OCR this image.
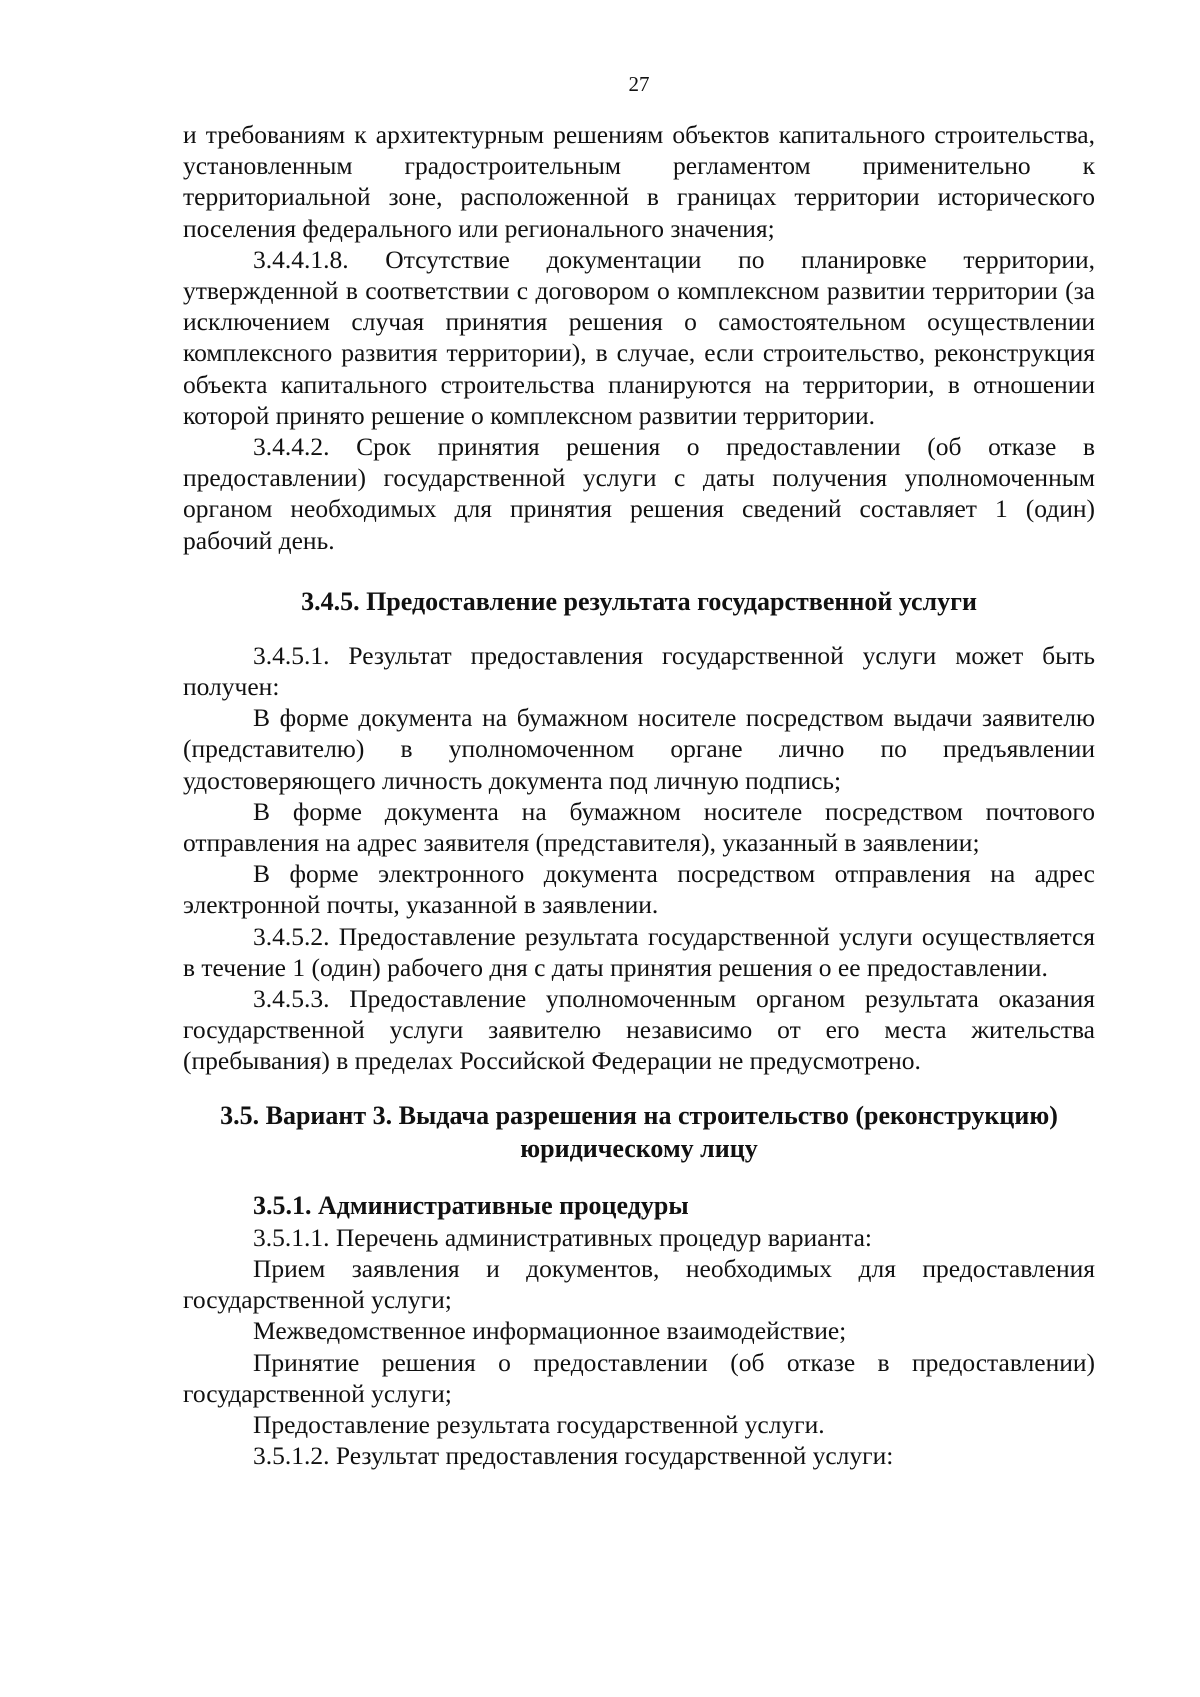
27

и требованиям к архитектурным решениям объектов капитального строительства, установленным градостроительным регламентом применительно к территориальной зоне, расположенной в границах территории исторического поселения федерального или регионального значения;

3.4.4.1.8. Отсутствие документации по планировке территории, утвержденной в соответствии с договором о комплексном развитии территории (за исключением случая принятия решения о самостоятельном осуществлении комплексного развития территории), в случае, если строительство, реконструкция объекта капитального строительства планируются на территории, в отношении которой принято решение о комплексном развитии территории.

3.4.4.2. Срок принятия решения о предоставлении (об отказе в предоставлении) государственной услуги с даты получения уполномоченным органом необходимых для принятия решения сведений составляет 1 (один) рабочий день.

3.4.5. Предоставление результата государственной услуги

3.4.5.1. Результат предоставления государственной услуги может быть получен:

В форме документа на бумажном носителе посредством выдачи заявителю (представителю) в уполномоченном органе лично по предъявлении удостоверяющего личность документа под личную подпись;

В форме документа на бумажном носителе посредством почтового отправления на адрес заявителя (представителя), указанный в заявлении;

В форме электронного документа посредством отправления на адрес электронной почты, указанной в заявлении.

3.4.5.2. Предоставление результата государственной услуги осуществляется в течение 1 (один) рабочего дня с даты принятия решения о ее предоставлении.

3.4.5.3. Предоставление уполномоченным органом результата оказания государственной услуги заявителю независимо от его места жительства (пребывания) в пределах Российской Федерации не предусмотрено.

3.5. Вариант 3. Выдача разрешения на строительство (реконструкцию)
юридическому лицу

3.5.1. Административные процедуры

3.5.1.1. Перечень административных процедур варианта:

Прием заявления и документов, необходимых для предоставления государственной услуги;

Межведомственное информационное взаимодействие;

Принятие решения о предоставлении (об отказе в предоставлении) государственной услуги;

Предоставление результата государственной услуги.

3.5.1.2. Результат предоставления государственной услуги:
